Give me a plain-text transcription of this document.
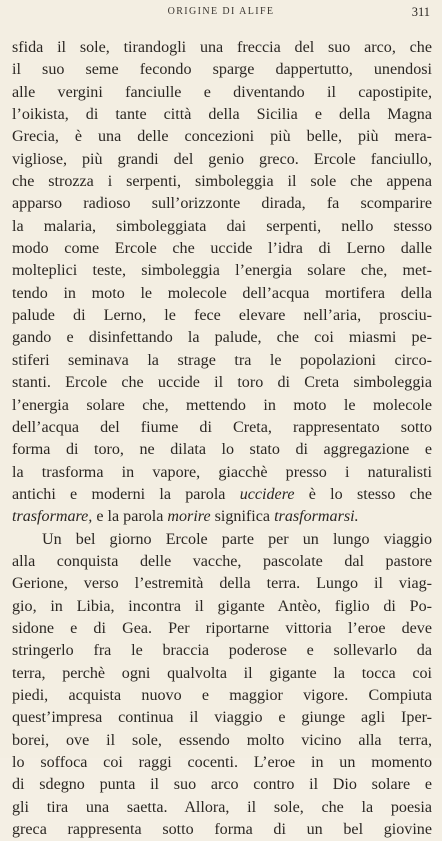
ORIGINE DI ALIFE	311
sfida il sole, tirandogli una freccia del suo arco, che
il suo seme fecondo sparge dappertutto, unendosi
alle vergini fanciulle e diventando il capostipite,
l’oikista, di tante città della Sicilia e della Magna
Grecia, è una delle concezioni più belle, più mera-
vigliose, più grandi del genio greco. Ercole fanciullo,
che strozza i serpenti, simboleggia il sole che appena
apparso radioso sull’orizzonte dirada, fa scomparire
la malaria, simboleggiata dai serpenti, nello stesso
modo come Ercole che uccide l’idra di Lerno dalle
molteplici teste, simboleggia l’energia solare che, met-
tendo in moto le molecole dell’acqua mortifera della
palude di Lerno, le fece elevare nell’aria, prosciu-
gando e disinfettando la palude, che coi miasmi pe-
stiferi seminava la strage tra le popolazioni circo-
stanti. Ercole che uccide il toro di Creta simboleggia
l’energia solare che, mettendo in moto le molecole
dell’acqua del fiume di Creta, rappresentato sotto
forma di toro, ne dilata lo stato di aggregazione e
la trasforma in vapore, giacchè presso i naturalisti
antichi e moderni la parola uccidere è lo stesso che
trasformare, e la parola morire significa trasformarsi.
Un bel giorno Ercole parte per un lungo viaggio
alla conquista delle vacche, pascolate dal pastore
Gerione, verso l’estremità della terra. Lungo il viag-
gio, in Libia, incontra il gigante Antèo, figlio di Po-
sidone e di Gea. Per riportarne vittoria l’eroe deve
stringerlo fra le braccia poderose e sollevarlo da
terra, perchè ogni qualvolta il gigante la tocca coi
piedi, acquista nuovo e maggior vigore. Compiuta
quest’impresa continua il viaggio e giunge agli Iper-
borei, ove il sole, essendo molto vicino alla terra,
lo soffoca coi raggi cocenti. L’eroe in un momento
di sdegno punta il suo arco contro il Dio solare e
gli tira una saetta. Allora, il sole, che la poesia
greca rappresenta sotto forma di un bel giovine
